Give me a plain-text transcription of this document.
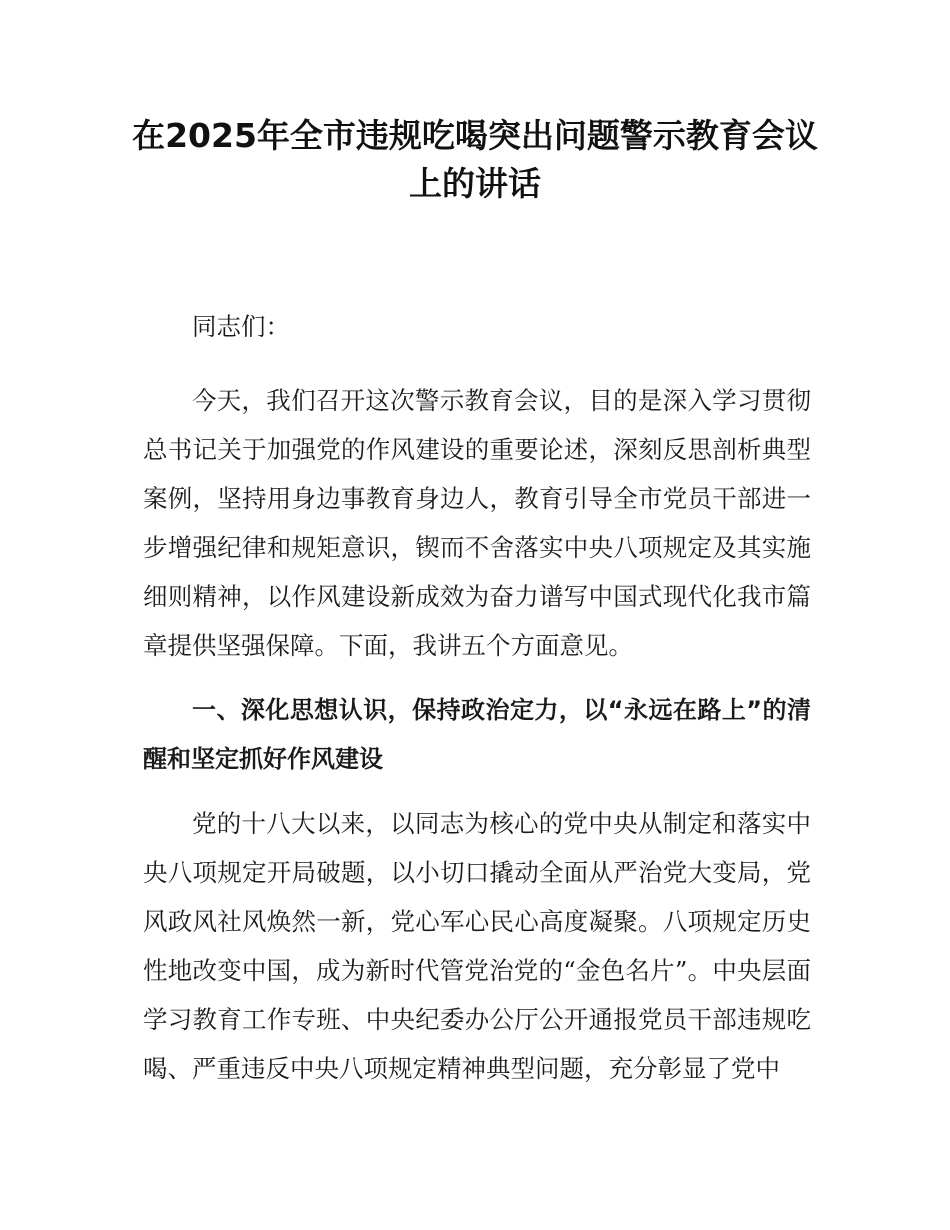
在2025年全市违规吃喝突出问题警示教育会议上的讲话

同志们：

今天，我们召开这次警示教育会议，目的是深入学习贯彻总书记关于加强党的作风建设的重要论述，深刻反思剖析典型案例，坚持用身边事教育身边人，教育引导全市党员干部进一步增强纪律和规矩意识，锲而不舍落实中央八项规定及其实施细则精神，以作风建设新成效为奋力谱写中国式现代化我市篇章提供坚强保障。下面，我讲五个方面意见。

一、深化思想认识，保持政治定力，以“永远在路上”的清醒和坚定抓好作风建设

党的十八大以来，以同志为核心的党中央从制定和落实中央八项规定开局破题，以小切口撬动全面从严治党大变局，党风政风社风焕然一新，党心军心民心高度凝聚。八项规定历史性地改变中国，成为新时代管党治党的“金色名片”。中央层面学习教育工作专班、中央纪委办公厅公开通报党员干部违规吃喝、严重违反中央八项规定精神典型问题，充分彰显了党中
